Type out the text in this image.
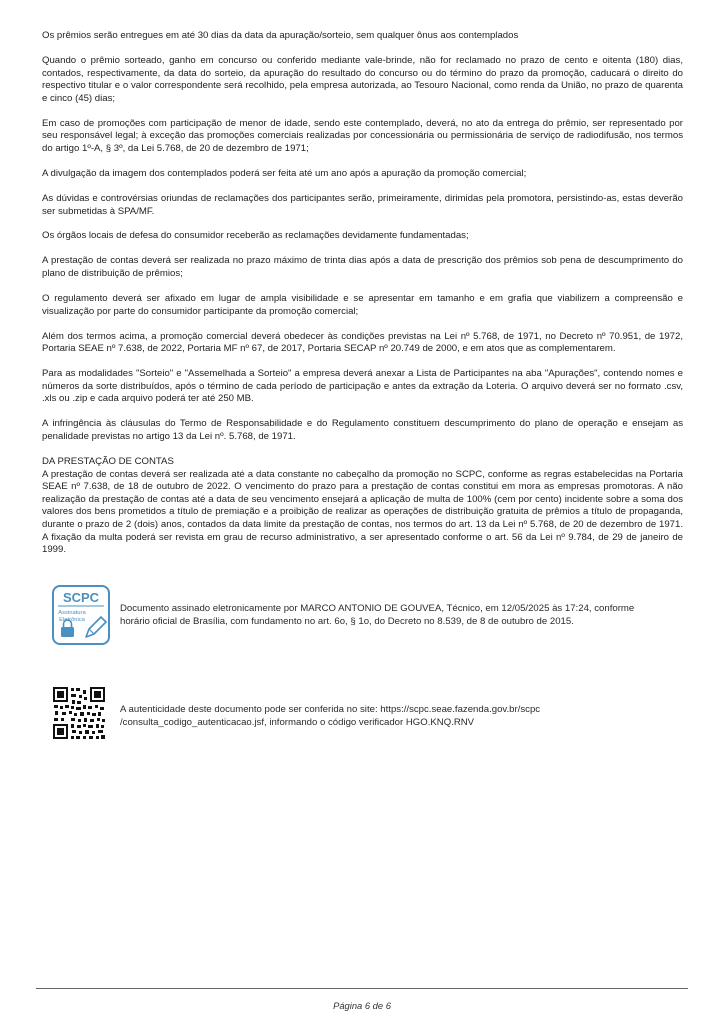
Os prêmios serão entregues em até 30 dias da data da apuração/sorteio, sem qualquer ônus aos contemplados

Quando o prêmio sorteado, ganho em concurso ou conferido mediante vale-brinde, não for reclamado no prazo de cento e oitenta (180) dias, contados, respectivamente, da data do sorteio, da apuração do resultado do concurso ou do término do prazo da promoção, caducará o direito do respectivo titular e o valor correspondente será recolhido, pela empresa autorizada, ao Tesouro Nacional, como renda da União, no prazo de quarenta e cinco (45) dias;

Em caso de promoções com participação de menor de idade, sendo este contemplado, deverá, no ato da entrega do prêmio, ser representado por seu responsável legal; à exceção das promoções comerciais realizadas por concessionária ou permissionária de serviço de radiodifusão, nos termos do artigo 1º-A, § 3º, da Lei 5.768, de 20 de dezembro de 1971;

A divulgação da imagem dos contemplados poderá ser feita até um ano após a apuração da promoção comercial;

As dúvidas e controvérsias oriundas de reclamações dos participantes serão, primeiramente, dirimidas pela promotora, persistindo-as, estas deverão ser submetidas à SPA/MF.

Os órgãos locais de defesa do consumidor receberão as reclamações devidamente fundamentadas;

A prestação de contas deverá ser realizada no prazo máximo de trinta dias após a data de prescrição dos prêmios sob pena de descumprimento do plano de distribuição de prêmios;

O regulamento deverá ser afixado em lugar de ampla visibilidade e se apresentar em tamanho e em grafia que viabilizem a compreensão e visualização por parte do consumidor participante da promoção comercial;

Além dos termos acima, a promoção comercial deverá obedecer às condições previstas na Lei nº 5.768, de 1971, no Decreto nº 70.951, de 1972, Portaria SEAE nº 7.638, de 2022, Portaria MF nº 67, de 2017, Portaria SECAP nº 20.749 de 2000, e em atos que as complementarem.

Para as modalidades "Sorteio" e "Assemelhada a Sorteio" a empresa deverá anexar a Lista de Participantes na aba "Apurações", contendo nomes e números da sorte distribuídos, após o término de cada período de participação e antes da extração da Loteria. O arquivo deverá ser no formato .csv, .xls ou .zip e cada arquivo poderá ter até 250 MB.

A infringência às cláusulas do Termo de Responsabilidade e do Regulamento constituem descumprimento do plano de operação e ensejam as penalidade previstas no artigo 13 da Lei nº. 5.768, de 1971.

DA PRESTAÇÃO DE CONTAS

A prestação de contas deverá ser realizada até a data constante no cabeçalho da promoção no SCPC, conforme as regras estabelecidas na Portaria SEAE nº 7.638, de 18 de outubro de 2022. O vencimento do prazo para a prestação de contas constitui em mora as empresas promotoras. A não realização da prestação de contas até a data de seu vencimento ensejará a aplicação de multa de 100% (cem por cento) incidente sobre a soma dos valores dos bens prometidos a título de premiação e a proibição de realizar as operações de distribuição gratuita de prêmios a título de propaganda, durante o prazo de 2 (dois) anos, contados da data limite da prestação de contas, nos termos do art. 13 da Lei nº 5.768, de 20 de dezembro de 1971. A fixação da multa poderá ser revista em grau de recurso administrativo, a ser apresentado conforme o art. 56 da Lei nº 9.784, de 29 de janeiro de 1999.

SCPC
Assinatura
Eletrônica
Documento assinado eletronicamente por MARCO ANTONIO DE GOUVEA, Técnico, em 12/05/2025 às 17:24, conforme horário oficial de Brasília, com fundamento no art. 6o, § 1o, do Decreto no 8.539, de 8 de outubro de 2015.
A autenticidade deste documento pode ser conferida no site: https://scpc.seae.fazenda.gov.br/scpc
/consulta_codigo_autenticacao.jsf, informando o código verificador HGO.KNQ.RNV
Página 6 de 6
